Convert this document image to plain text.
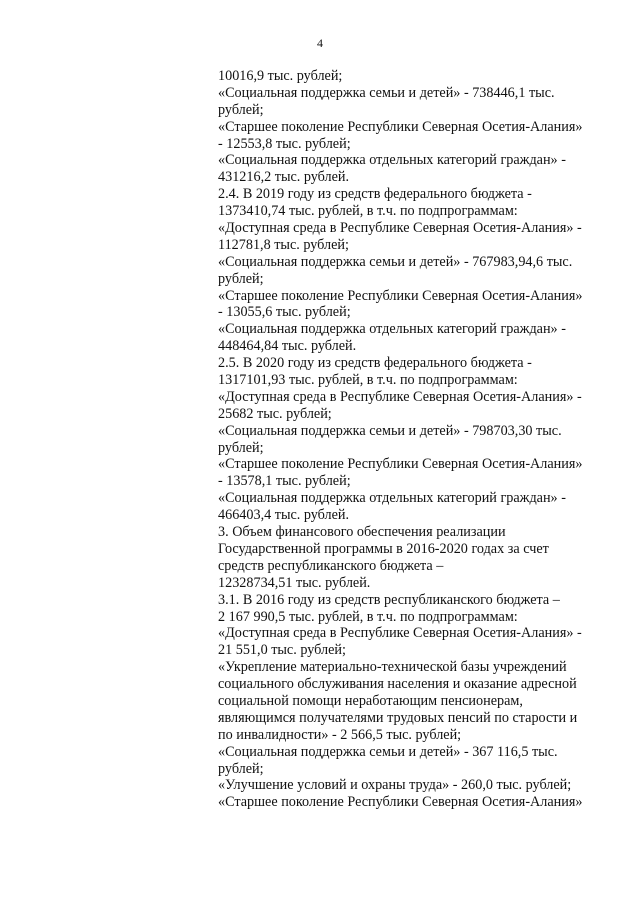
4
10016,9 тыс. рублей;
«Социальная поддержка семьи и детей» - 738446,1 тыс.
рублей;
«Старшее поколение Республики Северная Осетия-Алания»
- 12553,8 тыс. рублей;
«Социальная поддержка отдельных категорий граждан» -
431216,2 тыс. рублей.
2.4. В 2019 году из средств федерального бюджета -
1373410,74 тыс. рублей, в т.ч. по подпрограммам:
«Доступная среда в Республике Северная Осетия-Алания» -
112781,8 тыс. рублей;
«Социальная поддержка семьи и детей» - 767983,94,6 тыс.
рублей;
«Старшее поколение Республики Северная Осетия-Алания»
- 13055,6 тыс. рублей;
«Социальная поддержка отдельных категорий граждан» -
448464,84 тыс. рублей.
2.5. В 2020 году из средств федерального бюджета -
1317101,93 тыс. рублей, в т.ч. по подпрограммам:
«Доступная среда в Республике Северная Осетия-Алания» -
25682 тыс. рублей;
«Социальная поддержка семьи и детей» - 798703,30 тыс.
рублей;
«Старшее поколение Республики Северная Осетия-Алания»
- 13578,1 тыс. рублей;
«Социальная поддержка отдельных категорий граждан» -
466403,4 тыс. рублей.
3. Объем финансового обеспечения реализации
Государственной программы в 2016-2020 годах за счет
средств республиканского бюджета –
12328734,51 тыс. рублей.
3.1. В 2016 году из средств республиканского бюджета –
2 167 990,5 тыс. рублей, в т.ч. по подпрограммам:
«Доступная среда в Республике Северная Осетия-Алания» -
21 551,0 тыс. рублей;
«Укрепление материально-технической базы учреждений
социального обслуживания населения и оказание адресной
социальной помощи неработающим пенсионерам,
являющимся получателями трудовых пенсий по старости и
по инвалидности» - 2 566,5 тыс. рублей;
«Социальная поддержка семьи и детей» - 367 116,5 тыс.
рублей;
«Улучшение условий и охраны труда» - 260,0 тыс. рублей;
«Старшее поколение Республики Северная Осетия-Алания»
